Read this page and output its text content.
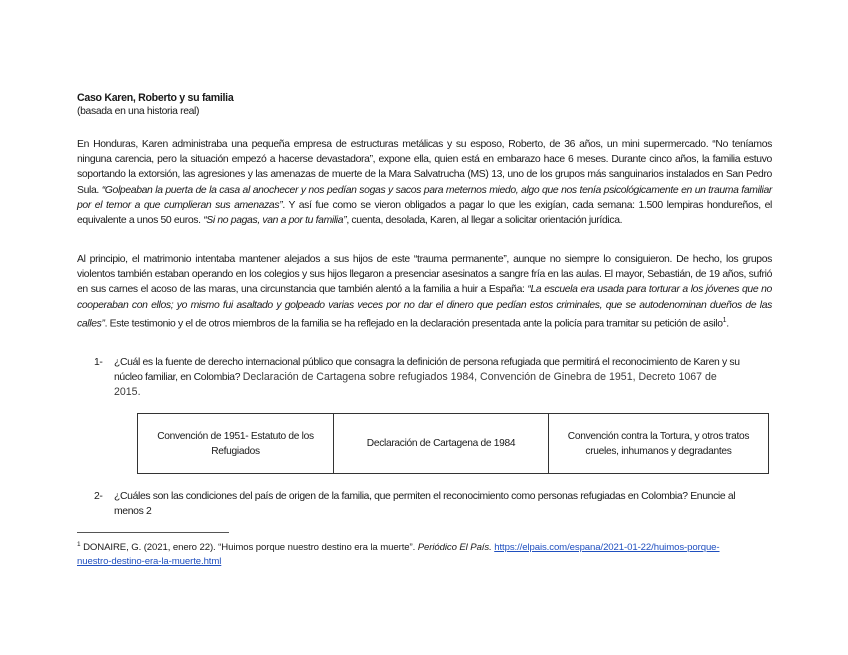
Caso Karen, Roberto y su familia
(basada en una historia real)

En Honduras, Karen administraba una pequeña empresa de estructuras metálicas y su esposo, Roberto, de 36 años, un mini supermercado. “No teníamos ninguna carencia, pero la situación empezó a hacerse devastadora”, expone ella, quien está en embarazo hace 6 meses. Durante cinco años, la familia estuvo soportando la extorsión, las agresiones y las amenazas de muerte de la Mara Salvatrucha (MS) 13, uno de los grupos más sanguinarios instalados en San Pedro Sula. “Golpeaban la puerta de la casa al anochecer y nos pedían sogas y sacos para meternos miedo, algo que nos tenía psicológicamente en un trauma familiar por el temor a que cumplieran sus amenazas”. Y así fue como se vieron obligados a pagar lo que les exigían, cada semana: 1.500 lempiras hondureños, el equivalente a unos 50 euros. “Si no pagas, van a por tu familia”, cuenta, desolada, Karen, al llegar a solicitar orientación jurídica.

Al principio, el matrimonio intentaba mantener alejados a sus hijos de este “trauma permanente”, aunque no siempre lo consiguieron. De hecho, los grupos violentos también estaban operando en los colegios y sus hijos llegaron a presenciar asesinatos a sangre fría en las aulas. El mayor, Sebastián, de 19 años, sufrió en sus carnes el acoso de las maras, una circunstancia que también alentó a la familia a huir a España: “La escuela era usada para torturar a los jóvenes que no cooperaban con ellos; yo mismo fui asaltado y golpeado varias veces por no dar el dinero que pedían estos criminales, que se autodenominan dueños de las calles”. Este testimonio y el de otros miembros de la familia se ha reflejado en la declaración presentada ante la policía para tramitar su petición de asilo$^1$.

1- ¿Cuál es la fuente de derecho internacional público que consagra la definición de persona refugiada que permitirá el reconocimiento de Karen y su núcleo familiar, en Colombia? Declaración de Cartagena sobre refugiados 1984, Convención de Ginebra de 1951, Decreto 1067 de 2015.
Convención de 1951- Estatuto de los Refugiados	Declaración de Cartagena de 1984	Convención contra la Tortura, y otros tratos crueles, inhumanos y degradantes
2- ¿Cuáles son las condiciones del país de origen de la familia, que permiten el reconocimiento como personas refugiadas en Colombia? Enuncie al menos 2
$^1$ DONAIRE, G. (2021, enero 22). “Huimos porque nuestro destino era la muerte”. Periódico El País. https://elpais.com/espana/2021-01-22/huimos-porque-nuestro-destino-era-la-muerte.html
